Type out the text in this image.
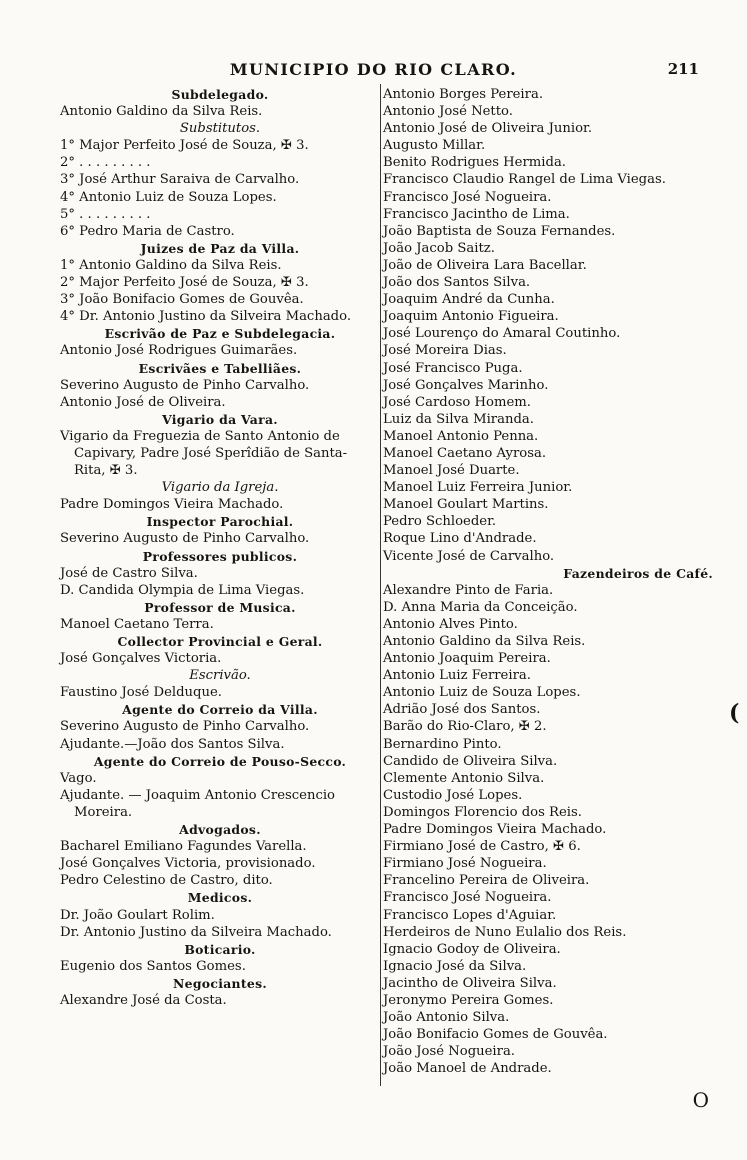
MUNICIPIO DO RIO CLARO.	211
Subdelegado.
Antonio Galdino da Silva Reis.
Substitutos.
1° Major Perfeito José de Souza, ✠ 3.
2° . . . . . . . . .
3° José Arthur Saraiva de Carvalho.
4° Antonio Luiz de Souza Lopes.
5° . . . . . . . . .
6° Pedro Maria de Castro.
Juizes de Paz da Villa.
1° Antonio Galdino da Silva Reis.
2° Major Perfeito José de Souza, ✠ 3.
3° João Bonifacio Gomes de Gouvêa.
4° Dr. Antonio Justino da Silveira Machado.
Escrivão de Paz e Subdelegacia.
Antonio José Rodrigues Guimarães.
Escrivães e Tabelliães.
Severino Augusto de Pinho Carvalho.
Antonio José de Oliveira.
Vigario da Vara.
Vigario da Freguezia de Santo Antonio de
Capivary, Padre José Sperîdião de Santa-
Rita, ✠ 3.
Vigario da Igreja.
Padre Domingos Vieira Machado.
Inspector Parochial.
Severino Augusto de Pinho Carvalho.
Professores publicos.
José de Castro Silva.
D. Candida Olympia de Lima Viegas.
Professor de Musica.
Manoel Caetano Terra.
Collector Provincial e Geral.
José Gonçalves Victoria.
Escrivão.
Faustino José Delduque.
Agente do Correio da Villa.
Severino Augusto de Pinho Carvalho.
Ajudante.—João dos Santos Silva.
Agente do Correio de Pouso-Secco.
Vago.
Ajudante. — Joaquim Antonio Crescencio
Moreira.
Advogados.
Bacharel Emiliano Fagundes Varella.
José Gonçalves Victoria, provisionado.
Pedro Celestino de Castro, dito.
Medicos.
Dr. João Goulart Rolim.
Dr. Antonio Justino da Silveira Machado.
Boticario.
Eugenio dos Santos Gomes.
Negociantes.
Alexandre José da Costa.
Antonio Borges Pereira.
Antonio José Netto.
Antonio José de Oliveira Junior.
Augusto Millar.
Benito Rodrigues Hermida.
Francisco Claudio Rangel de Lima Viegas.
Francisco José Nogueira.
Francisco Jacintho de Lima.
João Baptista de Souza Fernandes.
João Jacob Saitz.
João de Oliveira Lara Bacellar.
João dos Santos Silva.
Joaquim André da Cunha.
Joaquim Antonio Figueira.
José Lourenço do Amaral Coutinho.
José Moreira Dias.
José Francisco Puga.
José Gonçalves Marinho.
José Cardoso Homem.
Luiz da Silva Miranda.
Manoel Antonio Penna.
Manoel Caetano Ayrosa.
Manoel José Duarte.
Manoel Luiz Ferreira Junior.
Manoel Goulart Martins.
Pedro Schloeder.
Roque Lino d'Andrade.
Vicente José de Carvalho.
Fazendeiros de Café.
Alexandre Pinto de Faria.
D. Anna Maria da Conceição.
Antonio Alves Pinto.
Antonio Galdino da Silva Reis.
Antonio Joaquim Pereira.
Antonio Luiz Ferreira.
Antonio Luiz de Souza Lopes.
Adrião José dos Santos.
Barão do Rio-Claro, ✠ 2.
Bernardino Pinto.
Candido de Oliveira Silva.
Clemente Antonio Silva.
Custodio José Lopes.
Domingos Florencio dos Reis.
Padre Domingos Vieira Machado.
Firmiano José de Castro, ✠ 6.
Firmiano José Nogueira.
Francelino Pereira de Oliveira.
Francisco José Nogueira.
Francisco Lopes d'Aguiar.
Herdeiros de Nuno Eulalio dos Reis.
Ignacio Godoy de Oliveira.
Ignacio José da Silva.
Jacintho de Oliveira Silva.
Jeronymo Pereira Gomes.
João Antonio Silva.
João Bonifacio Gomes de Gouvêa.
João José Nogueira.
João Manoel de Andrade.
O
(
